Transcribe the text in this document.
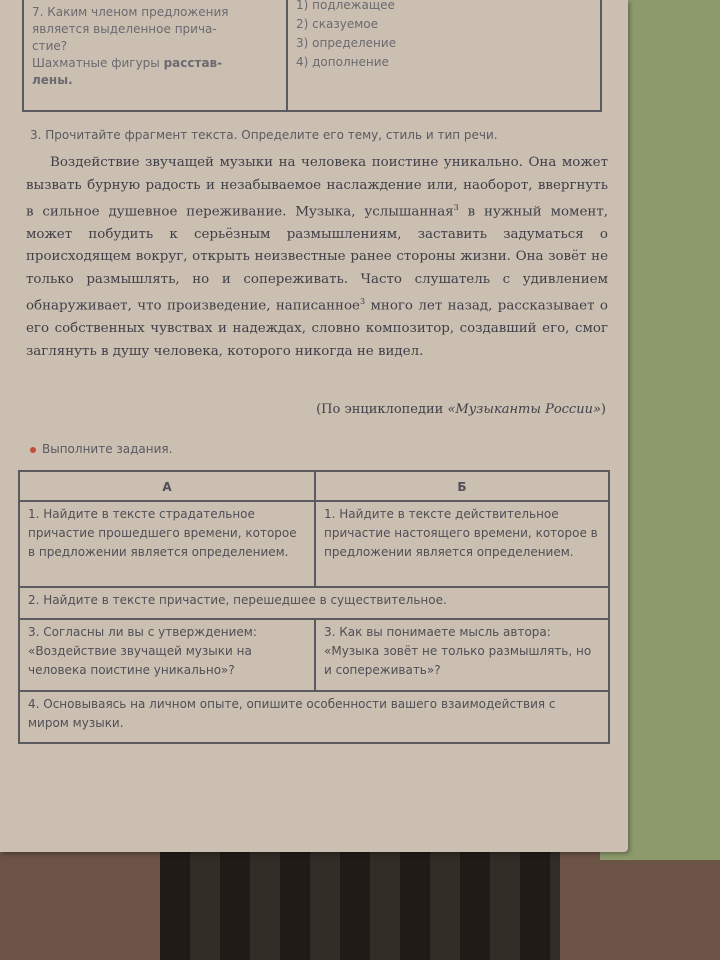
7. Каким членом предложения
является выделенное прича-
стие?
Шахматные фигуры расстав-
лены.
1) подлежащее
2) сказуемое
3) определение
4) дополнение
3. Прочитайте фрагмент текста. Определите его тему, стиль и тип речи.
Воздействие звучащей музыки на человека поистине уникально. Она может вызвать бурную радость и незабываемое наслаждение или, наоборот, ввергнуть в сильное душевное переживание. Музыка, услышанная$^3$ в нужный момент, может побудить к серьёзным размышлениям, заставить задуматься о происходящем вокруг, открыть неизвестные ранее стороны жизни. Она зовёт не только размышлять, но и сопереживать. Часто слушатель с удивлением обнаруживает, что произведение, написанное$^3$ много лет назад, рассказывает о его собственных чувствах и надеждах, словно композитор, создавший его, смог заглянуть в душу человека, которого никогда не видел.
(По энциклопедии «Музыканты России»)
Выполните задания.
А	Б
1. Найдите в тексте страдательное причастие прошедшего времени, которое в предложении является определением.
1. Найдите в тексте действительное причастие настоящего времени, которое в предложении является определением.
2. Найдите в тексте причастие, перешедшее в существительное.
3. Согласны ли вы с утверждением: «Воздействие звучащей музыки на человека поистине уникально»?
3. Как вы понимаете мысль автора: «Музыка зовёт не только размышлять, но и сопереживать»?
4. Основываясь на личном опыте, опишите особенности вашего взаимодействия с миром музыки.
